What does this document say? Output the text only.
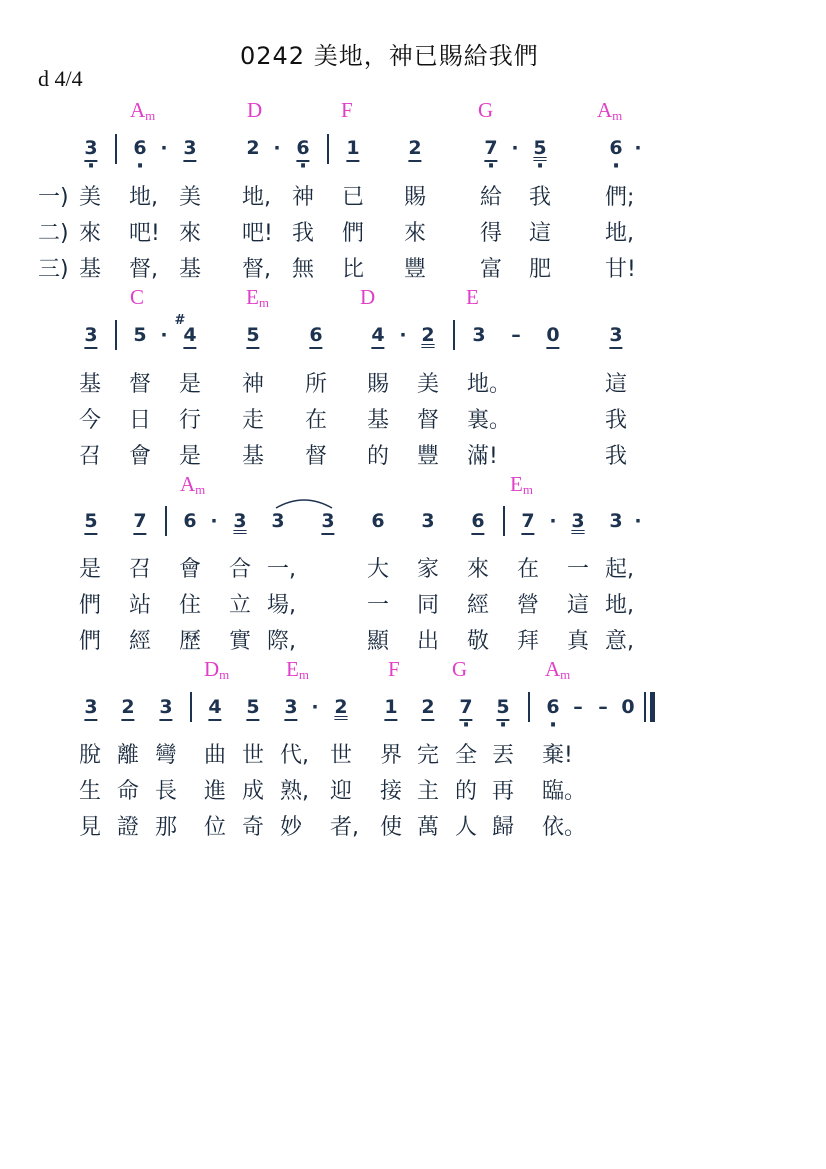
0242 美地，神已賜給我們
d 4/4
$A_m$	D	F	G	$A_m$
3 · 6 · · 3	2 · 6 · 1	2	7 · · 5 ·	6 · ·
一) 美 地, 美 地, 神 已 賜 給 我 們;
二) 來 吧! 來 吧! 我 們 來 得 這 地,
三) 基 督, 基 督, 無 比 豐 富 肥 甘!
C	$E_m$	D	E
3 5 ·
#
4	5	6	4 · 2 3 – 0	3
基 督 是 神 所 賜 美 地。	這
今 日 行 走 在 基 督 裏。	我
召 會 是 基 督 的 豐 滿!	我
$A_m$	$E_m$
5 7 6 · 3 3 3 6 3 6 7 · 3 3 ·
是 召 會 合 一,	大 家 來 在 一 起,
們 站 住 立 場,	一 同 經 營 這 地,
們 經 歷 實 際,	顯 出 敬 拜 真 意,
$D_m$	$E_m$	F G	$A_m$
3 2 3 4 5 3 · 2 1 2 7 · 5 · 6 · – – 0
脫 離 彎 曲 世 代, 世 界 完 全 丟 棄!
生 命 長 進 成 熟, 迎 接 主 的 再 臨。
見 證 那 位 奇 妙 者, 使 萬 人 歸 依。
